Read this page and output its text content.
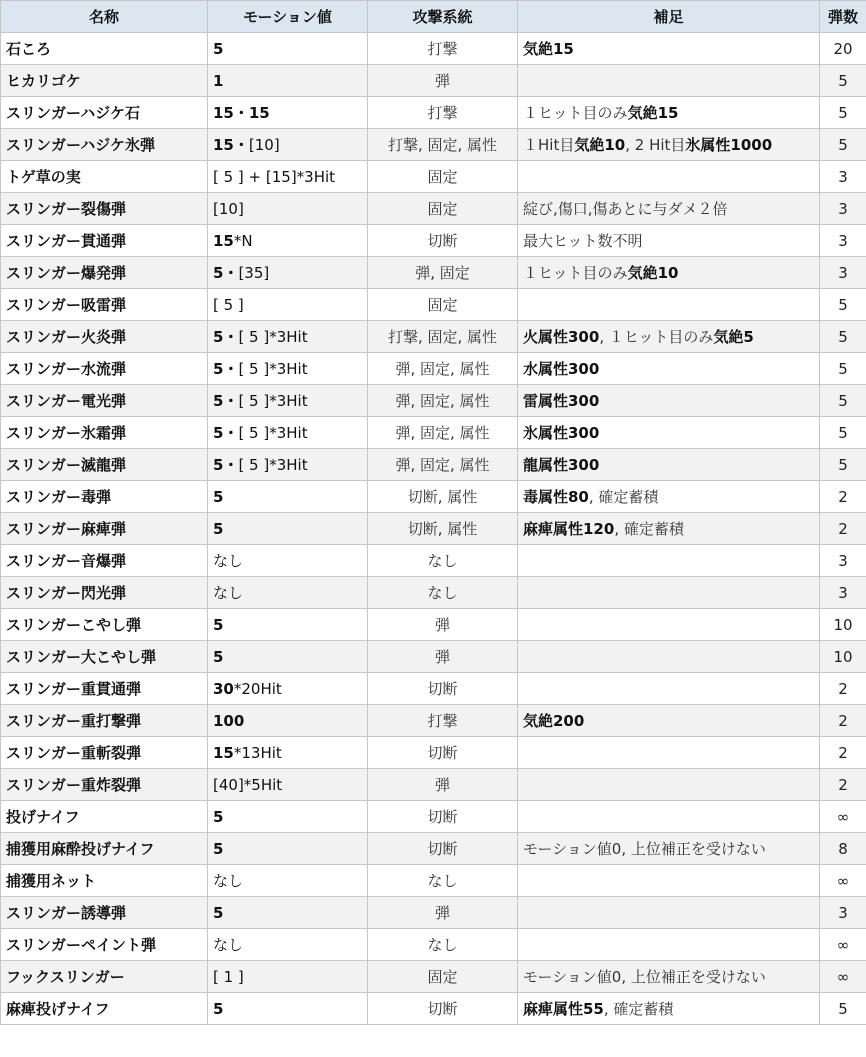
名称	モーション値	攻撃系統	補足	弾数
石ころ	5	打撃	気絶15	20
ヒカリゴケ	1	弾		5
スリンガーハジケ石	15・15	打撃	１ヒット目のみ気絶15	5
スリンガーハジケ氷弾	15・[10]	打撃, 固定, 属性	１Hit目気絶10, 2 Hit目氷属性1000	5
トゲ草の実	[ 5 ] + [15]*3Hit	固定		3
スリンガー裂傷弾	[10]	固定	綻び,傷口,傷あとに与ダメ２倍	3
スリンガー貫通弾	15*N	切断	最大ヒット数不明	3
スリンガー爆発弾	5・[35]	弾, 固定	１ヒット目のみ気絶10	3
スリンガー吸雷弾	[ 5 ]	固定		5
スリンガー火炎弾	5・[ 5 ]*3Hit	打撃, 固定, 属性	火属性300, １ヒット目のみ気絶5	5
スリンガー水流弾	5・[ 5 ]*3Hit	弾, 固定, 属性	水属性300	5
スリンガー電光弾	5・[ 5 ]*3Hit	弾, 固定, 属性	雷属性300	5
スリンガー氷霜弾	5・[ 5 ]*3Hit	弾, 固定, 属性	氷属性300	5
スリンガー滅龍弾	5・[ 5 ]*3Hit	弾, 固定, 属性	龍属性300	5
スリンガー毒弾	5	切断, 属性	毒属性80, 確定蓄積	2
スリンガー麻痺弾	5	切断, 属性	麻痺属性120, 確定蓄積	2
スリンガー音爆弾	なし	なし		3
スリンガー閃光弾	なし	なし		3
スリンガーこやし弾	5	弾		10
スリンガー大こやし弾	5	弾		10
スリンガー重貫通弾	30*20Hit	切断		2
スリンガー重打撃弾	100	打撃	気絶200	2
スリンガー重斬裂弾	15*13Hit	切断		2
スリンガー重炸裂弾	[40]*5Hit	弾		2
投げナイフ	5	切断		∞
捕獲用麻酔投げナイフ	5	切断	モーション値0, 上位補正を受けない	8
捕獲用ネット	なし	なし		∞
スリンガー誘導弾	5	弾		3
スリンガーペイント弾	なし	なし		∞
フックスリンガー	[ 1 ]	固定	モーション値0, 上位補正を受けない	∞
麻痺投げナイフ	5	切断	麻痺属性55, 確定蓄積	5
